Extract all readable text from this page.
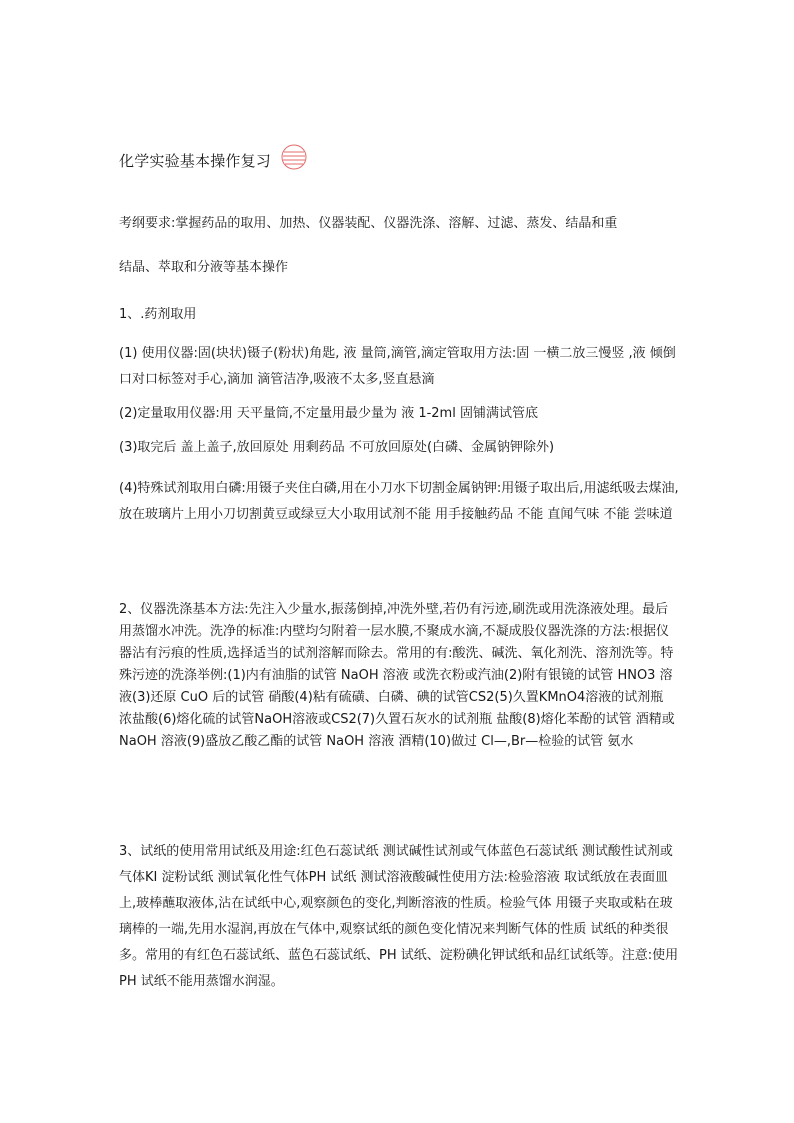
化学实验基本操作复习
考纲要求:掌握药品的取用、加热、仪器装配、仪器洗涤、溶解、过滤、蒸发、结晶和重
结晶、萃取和分液等基本操作
1、.药剂取用
(1) 使用仪器:固(块状)镊子(粉状)角匙, 液 量筒,滴管,滴定管取用方法:固 一横二放三慢竖 ,液 倾倒 口对口标签对手心,滴加 滴管洁净,吸液不太多,竖直悬滴
(2)定量取用仪器:用 天平量筒,不定量用最少量为 液 1-2ml 固铺满试管底
(3)取完后 盖上盖子,放回原处 用剩药品 不可放回原处(白磷、金属钠钾除外)
(4)特殊试剂取用白磷:用镊子夹住白磷,用在小刀水下切割金属钠钾:用镊子取出后,用滤纸吸去煤油,放在玻璃片上用小刀切割黄豆或绿豆大小取用试剂不能 用手接触药品 不能 直闻气味 不能 尝味道
2、仪器洗涤基本方法:先注入少量水,振荡倒掉,冲洗外壁,若仍有污迹,刷洗或用洗涤液处理。最后用蒸馏水冲洗。洗净的标准:内壁均匀附着一层水膜,不聚成水滴,不凝成股仪器洗涤的方法:根据仪器沾有污痕的性质,选择适当的试剂溶解而除去。常用的有:酸洗、碱洗、氧化剂洗、溶剂洗等。特殊污迹的洗涤举例:(1)内有油脂的试管 NaOH 溶液 或洗衣粉或汽油(2)附有银镜的试管 HNO3 溶液(3)还原 CuO 后的试管 硝酸(4)粘有硫磺、白磷、碘的试管CS2(5)久置KMnO4溶液的试剂瓶 浓盐酸(6)熔化硫的试管NaOH溶液或CS2(7)久置石灰水的试剂瓶 盐酸(8)熔化苯酚的试管 酒精或 NaOH 溶液(9)盛放乙酸乙酯的试管 NaOH 溶液 酒精(10)做过 Cl—,Br—检验的试管 氨水
3、试纸的使用常用试纸及用途:红色石蕊试纸 测试碱性试剂或气体蓝色石蕊试纸 测试酸性试剂或气体KI 淀粉试纸 测试氧化性气体PH 试纸 测试溶液酸碱性使用方法:检验溶液 取试纸放在表面皿上,玻棒蘸取液体,沾在试纸中心,观察颜色的变化,判断溶液的性质。检验气体 用镊子夹取或粘在玻璃棒的一端,先用水湿润,再放在气体中,观察试纸的颜色变化情况来判断气体的性质 试纸的种类很多。常用的有红色石蕊试纸、蓝色石蕊试纸、PH 试纸、淀粉碘化钾试纸和品红试纸等。注意:使用 PH 试纸不能用蒸馏水润湿。
